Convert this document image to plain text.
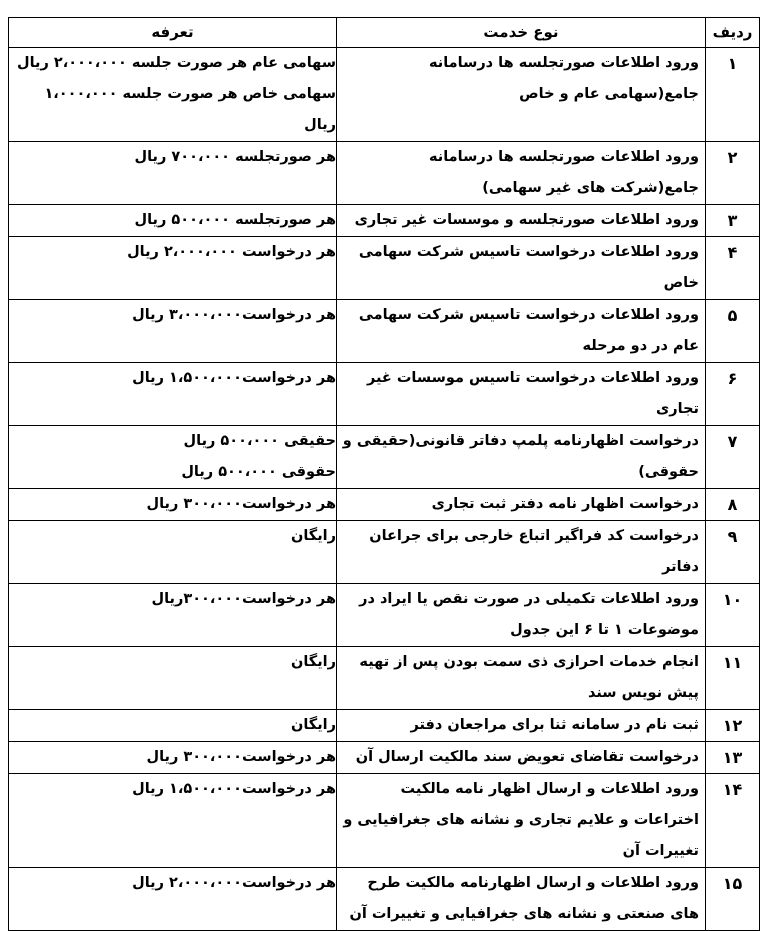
ردیف	نوع خدمت	تعرفه
۱	ورود اطلاعات صورتجلسه ها درسامانه جامع(سهامی عام و خاص	سهامی عام هر صورت جلسه ۲،۰۰۰،۰۰۰ ریال
سهامی خاص هر صورت جلسه ۱،۰۰۰،۰۰۰ ریال

۲	ورود اطلاعات صورتجلسه ها درسامانه جامع(شرکت های غیر سهامی)	هر صورتجلسه ۷۰۰،۰۰۰ ریال

۳	ورود اطلاعات صورتجلسه و موسسات غیر تجاری	هر صورتجلسه ۵۰۰،۰۰۰ ریال

۴	ورود اطلاعات درخواست تاسیس شرکت سهامی خاص	هر درخواست ۲،۰۰۰،۰۰۰ ریال

۵	ورود اطلاعات درخواست تاسیس شرکت سهامی عام در دو مرحله	هر درخواست۳،۰۰۰،۰۰۰ ریال

۶	ورود اطلاعات درخواست تاسیس موسسات غیر تجاری	هر درخواست۱،۵۰۰،۰۰۰ ریال

۷	درخواست اظهارنامه پلمپ دفاتر قانونی(حقیقی و حقوقی)	حقیقی ۵۰۰،۰۰۰ ریال
حقوقی ۵۰۰،۰۰۰ ریال

۸	درخواست اظهار نامه دفتر ثبت تجاری	هر درخواست۳۰۰،۰۰۰ ریال

۹	درخواست کد فراگیر اتباع خارجی برای جراعان دفاتر	رایگان

۱۰	ورود اطلاعات تکمیلی در صورت نقص یا ایراد در موضوعات ۱ تا ۶ این جدول	هر درخواست۳۰۰،۰۰۰ریال

۱۱	انجام خدمات احرازی ذی سمت بودن پس از تهیه پیش نویس سند	رایگان

۱۲	ثبت نام در سامانه ثنا برای مراجعان دفتر	رایگان

۱۳	درخواست تقاضای تعویض سند مالکیت ارسال آن	هر درخواست۳۰۰،۰۰۰ ریال

۱۴	ورود اطلاعات و ارسال اظهار نامه مالکیت اختراعات و علایم تجاری و نشانه های جغرافیایی و تغییرات آن	هر درخواست۱،۵۰۰،۰۰۰ ریال

۱۵	ورود اطلاعات و ارسال اظهارنامه مالکیت طرح های صنعتی و نشانه های جغرافیایی و تغییرات آن	هر درخواست۲،۰۰۰،۰۰۰ ریال
